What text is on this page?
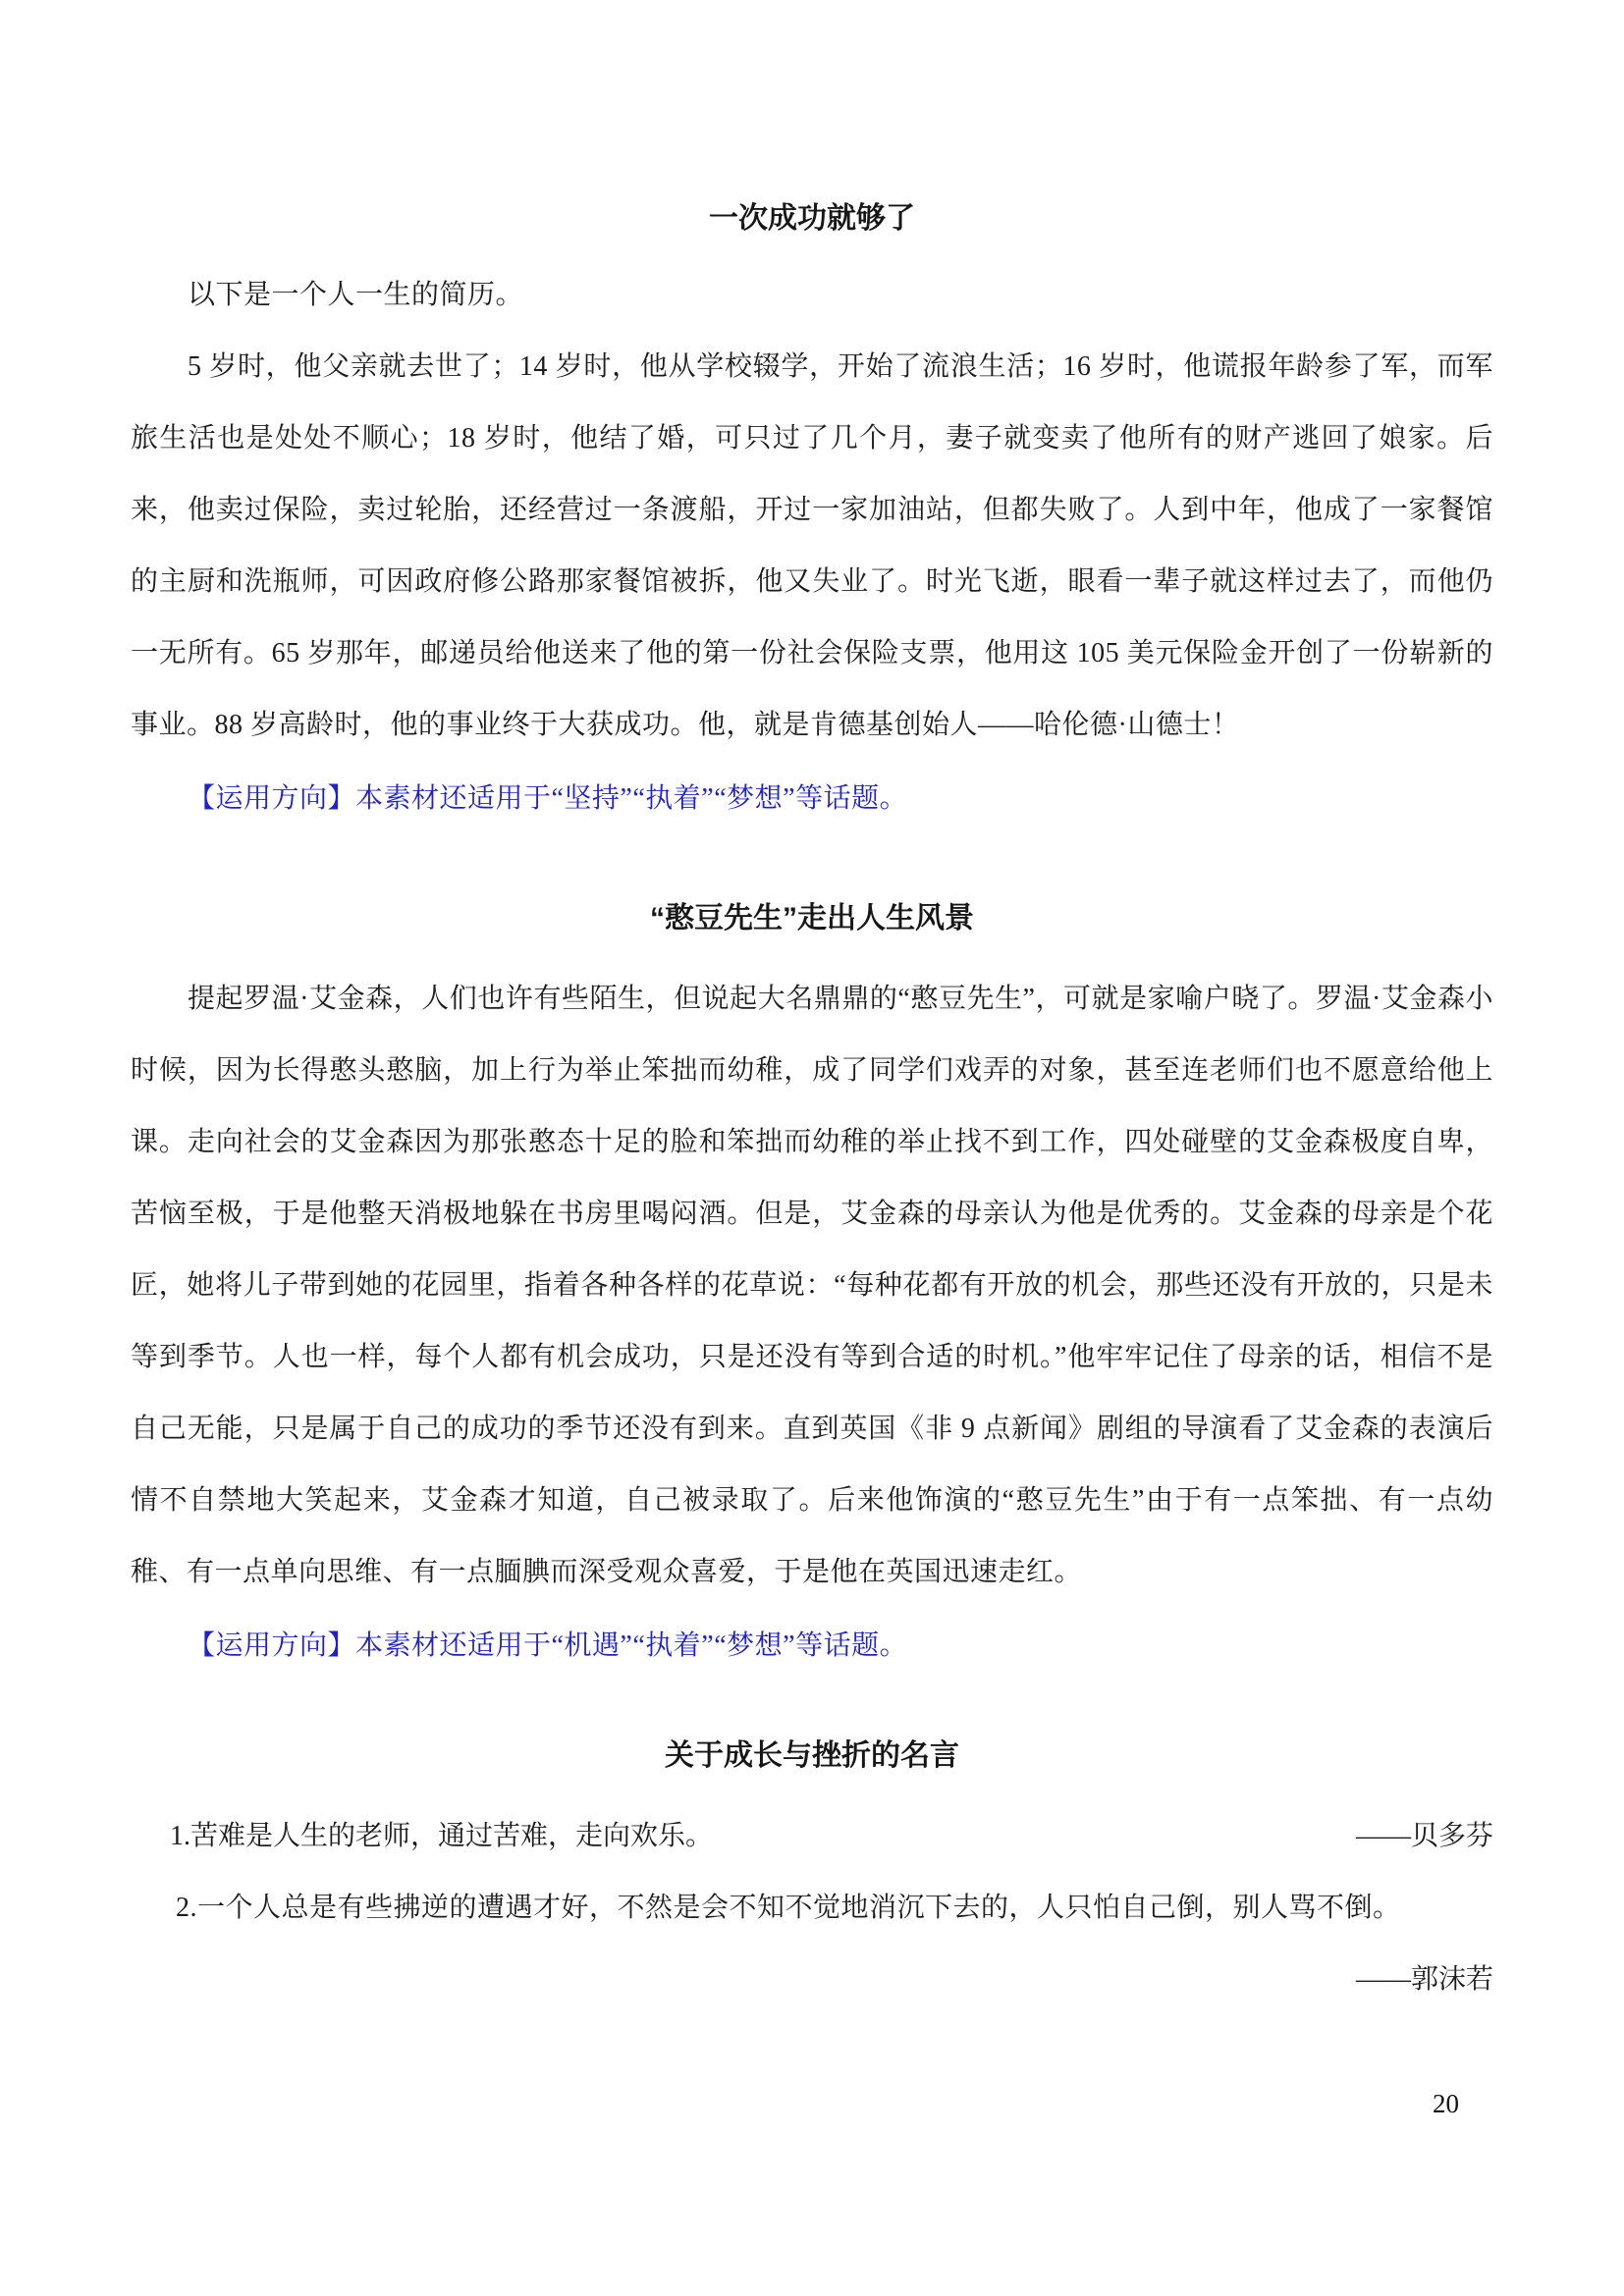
一次成功就够了

以下是一个人一生的简历。

5 岁时，他父亲就去世了；14 岁时，他从学校辍学，开始了流浪生活；16 岁时，他谎报年龄参了军，而军旅生活也是处处不顺心；18 岁时，他结了婚，可只过了几个月，妻子就变卖了他所有的财产逃回了娘家。后来，他卖过保险，卖过轮胎，还经营过一条渡船，开过一家加油站，但都失败了。人到中年，他成了一家餐馆的主厨和洗瓶师，可因政府修公路那家餐馆被拆，他又失业了。时光飞逝，眼看一辈子就这样过去了，而他仍一无所有。65 岁那年，邮递员给他送来了他的第一份社会保险支票，他用这 105 美元保险金开创了一份崭新的事业。88 岁高龄时，他的事业终于大获成功。他，就是肯德基创始人——哈伦德·山德士！

【运用方向】本素材还适用于“坚持”“执着”“梦想”等话题。

“憨豆先生”走出人生风景

提起罗温·艾金森，人们也许有些陌生，但说起大名鼎鼎的“憨豆先生”，可就是家喻户晓了。罗温·艾金森小时候，因为长得憨头憨脑，加上行为举止笨拙而幼稚，成了同学们戏弄的对象，甚至连老师们也不愿意给他上课。走向社会的艾金森因为那张憨态十足的脸和笨拙而幼稚的举止找不到工作，四处碰壁的艾金森极度自卑，苦恼至极，于是他整天消极地躲在书房里喝闷酒。但是，艾金森的母亲认为他是优秀的。艾金森的母亲是个花匠，她将儿子带到她的花园里，指着各种各样的花草说：“每种花都有开放的机会，那些还没有开放的，只是未等到季节。人也一样，每个人都有机会成功，只是还没有等到合适的时机。”他牢牢记住了母亲的话，相信不是自己无能，只是属于自己的成功的季节还没有到来。直到英国《非 9 点新闻》剧组的导演看了艾金森的表演后情不自禁地大笑起来，艾金森才知道，自己被录取了。后来他饰演的“憨豆先生”由于有一点笨拙、有一点幼稚、有一点单向思维、有一点腼腆而深受观众喜爱，于是他在英国迅速走红。

【运用方向】本素材还适用于“机遇”“执着”“梦想”等话题。

关于成长与挫折的名言
1.苦难是人生的老师，通过苦难，走向欢乐。	——贝多芬

2.一个人总是有些拂逆的遭遇才好，不然是会不知不觉地消沉下去的，人只怕自己倒，别人骂不倒。

——郭沫若

20
